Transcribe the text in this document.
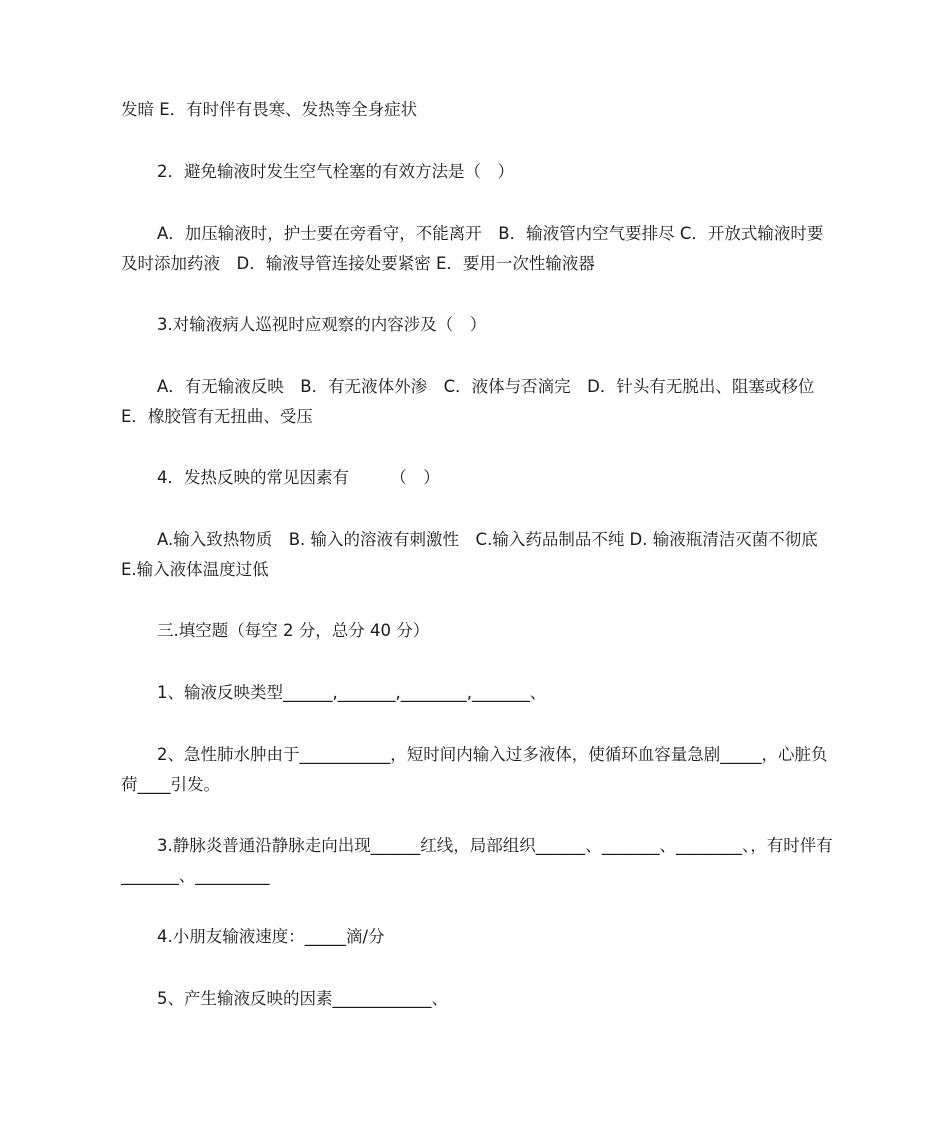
发暗 E．有时伴有畏寒、发热等全身症状

2．避免输液时发生空气栓塞的有效方法是（　）

A．加压输液时，护士要在旁看守，不能离开　B．输液管内空气要排尽 C．开放式输液时要及时添加药液　D．输液导管连接处要紧密 E．要用一次性输液器

3.对输液病人巡视时应观察的内容涉及（　）

A．有无输液反映　B．有无液体外渗　C．液体与否滴完　D．针头有无脱出、阻塞或移位　E．橡胶管有无扭曲、受压

4．发热反映的常见因素有　　　（　）

A.输入致热物质　B. 输入的溶液有刺激性　C.输入药品制品不纯 D. 输液瓶清洁灭菌不彻底　E.输入液体温度过低

三.填空题（每空 2 分，总分 40 分）

1、输液反映类型______,_______,________,_______、

2、急性肺水肿由于___________，短时间内输入过多液体，使循环血容量急剧_____，心脏负荷____引发。

3.静脉炎普通沿静脉走向出现______红线，局部组织______、_______、________、，有时伴有_______、_________

4.小朋友输液速度：_____滴/分

5、产生输液反映的因素____________、
